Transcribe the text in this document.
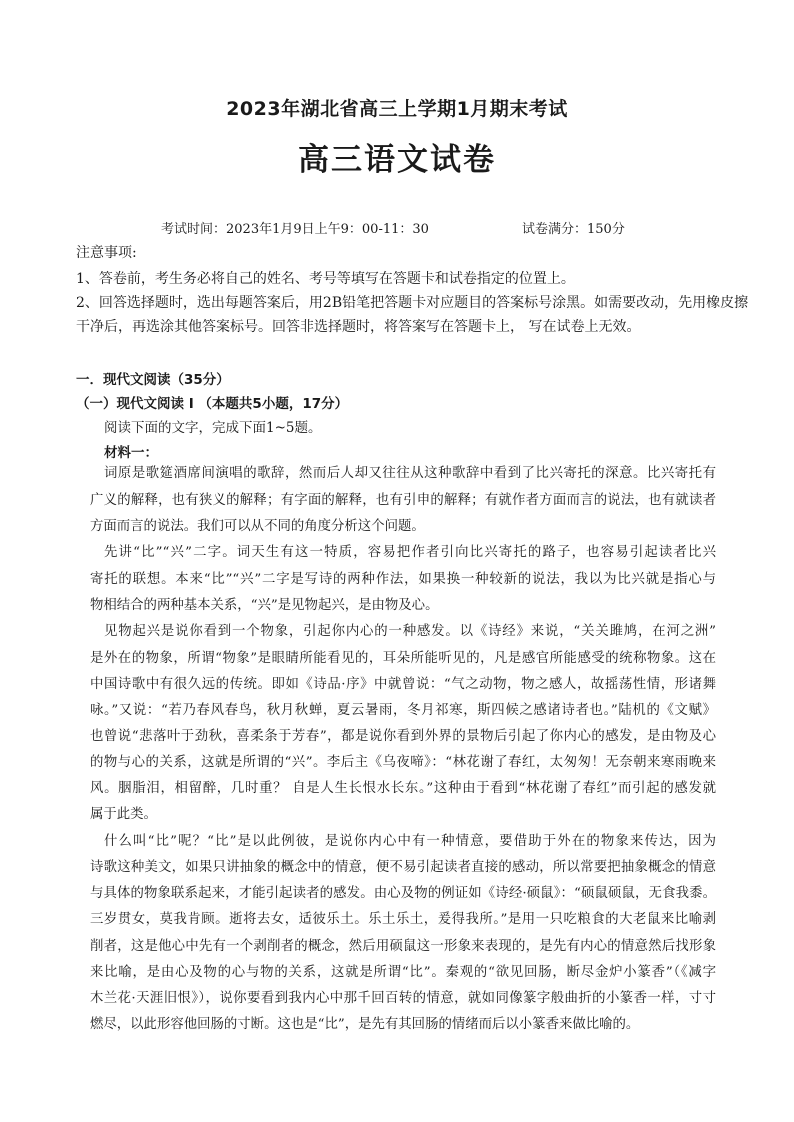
2023年湖北省高三上学期1月期末考试
高三语文试卷
考试时间：2023年1月9日上午9：00-11：30	试卷满分：150分
注意事项:
1、答卷前，考生务必将自己的姓名、考号等填写在答题卡和试卷指定的位置上。
2、回答选择题时，选出每题答案后，用2B铅笔把答题卡对应题目的答案标号涂黑。如需要改动，先用橡皮擦
干净后，再选涂其他答案标号。回答非选择题时，将答案写在答题卡上， 写在试卷上无效。
一．现代文阅读（35分）
（一）现代文阅读 I （本题共5小题，17分）
阅读下面的文字，完成下面1~5题。
材料一：
词原是歌筵酒席间演唱的歌辞，然而后人却又往往从这种歌辞中看到了比兴寄托的深意。比兴寄托有
广义的解释，也有狭义的解释；有字面的解释，也有引申的解释；有就作者方面而言的说法，也有就读者
方面而言的说法。我们可以从不同的角度分析这个问题。
先讲“比”“兴”二字。词天生有这一特质，容易把作者引向比兴寄托的路子，也容易引起读者比兴
寄托的联想。本来“比”“兴”二字是写诗的两种作法，如果换一种较新的说法，我以为比兴就是指心与
物相结合的两种基本关系，“兴”是见物起兴，是由物及心。
见物起兴是说你看到一个物象，引起你内心的一种感发。以《诗经》来说，“关关雎鸠，在河之洲”
是外在的物象，所谓“物象”是眼睛所能看见的，耳朵所能听见的，凡是感官所能感受的统称物象。这在
中国诗歌中有很久远的传统。即如《诗品·序》中就曾说：“气之动物，物之感人，故摇荡性情，形诸舞
咏。”又说：“若乃春风春鸟，秋月秋蝉，夏云暑雨，冬月祁寒，斯四候之感诸诗者也。”陆机的《文赋》
也曾说“悲落叶于劲秋，喜柔条于芳春”，都是说你看到外界的景物后引起了你内心的感发，是由物及心
的物与心的关系，这就是所谓的“兴”。李后主《乌夜啼》：“林花谢了春红，太匆匆！无奈朝来寒雨晚来
风。胭脂泪，相留醉，几时重？ 自是人生长恨水长东。”这种由于看到“林花谢了春红”而引起的感发就
属于此类。
什么叫“比”呢？“比”是以此例彼，是说你内心中有一种情意，要借助于外在的物象来传达，因为
诗歌这种美文，如果只讲抽象的概念中的情意，便不易引起读者直接的感动，所以常要把抽象概念的情意
与具体的物象联系起来，才能引起读者的感发。由心及物的例证如《诗经·硕鼠》：“硕鼠硕鼠，无食我黍。
三岁贯女，莫我肯顾。逝将去女，适彼乐土。乐土乐土，爰得我所。”是用一只吃粮食的大老鼠来比喻剥
削者，这是他心中先有一个剥削者的概念，然后用硕鼠这一形象来表现的，是先有内心的情意然后找形象
来比喻，是由心及物的心与物的关系，这就是所谓“比”。秦观的“欲见回肠，断尽金炉小篆香”（《减字
木兰花·天涯旧恨》），说你要看到我内心中那千回百转的情意，就如同像篆字般曲折的小篆香一样，寸寸
燃尽，以此形容他回肠的寸断。这也是“比”，是先有其回肠的情绪而后以小篆香来做比喻的。
